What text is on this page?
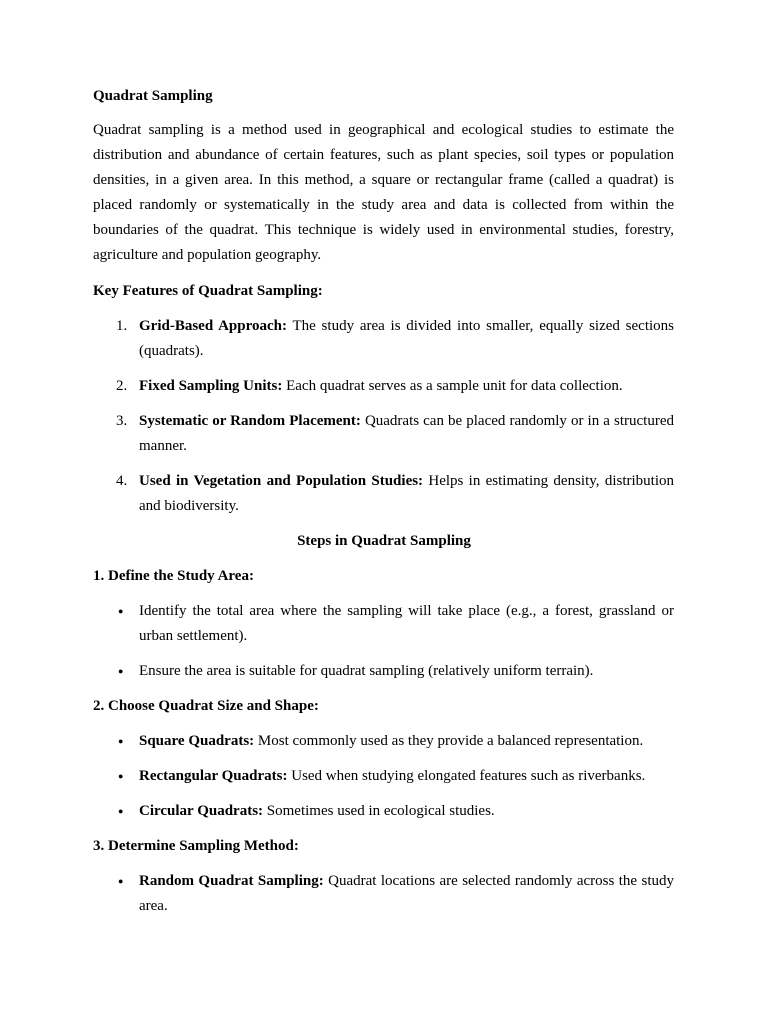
Quadrat Sampling

Quadrat sampling is a method used in geographical and ecological studies to estimate the distribution and abundance of certain features, such as plant species, soil types or population densities, in a given area. In this method, a square or rectangular frame (called a quadrat) is placed randomly or systematically in the study area and data is collected from within the boundaries of the quadrat. This technique is widely used in environmental studies, forestry, agriculture and population geography.

Key Features of Quadrat Sampling:
1. Grid-Based Approach: The study area is divided into smaller, equally sized sections (quadrats).

2. Fixed Sampling Units: Each quadrat serves as a sample unit for data collection.

3. Systematic or Random Placement: Quadrats can be placed randomly or in a structured manner.

4. Used in Vegetation and Population Studies: Helps in estimating density, distribution and biodiversity.

Steps in Quadrat Sampling
1. Define the Study Area:
● Identify the total area where the sampling will take place (e.g., a forest, grassland or urban settlement).

● Ensure the area is suitable for quadrat sampling (relatively uniform terrain).

2. Choose Quadrat Size and Shape:
● Square Quadrats: Most commonly used as they provide a balanced representation.

● Rectangular Quadrats: Used when studying elongated features such as riverbanks.

● Circular Quadrats: Sometimes used in ecological studies.

3. Determine Sampling Method:
● Random Quadrat Sampling: Quadrat locations are selected randomly across the study area.
